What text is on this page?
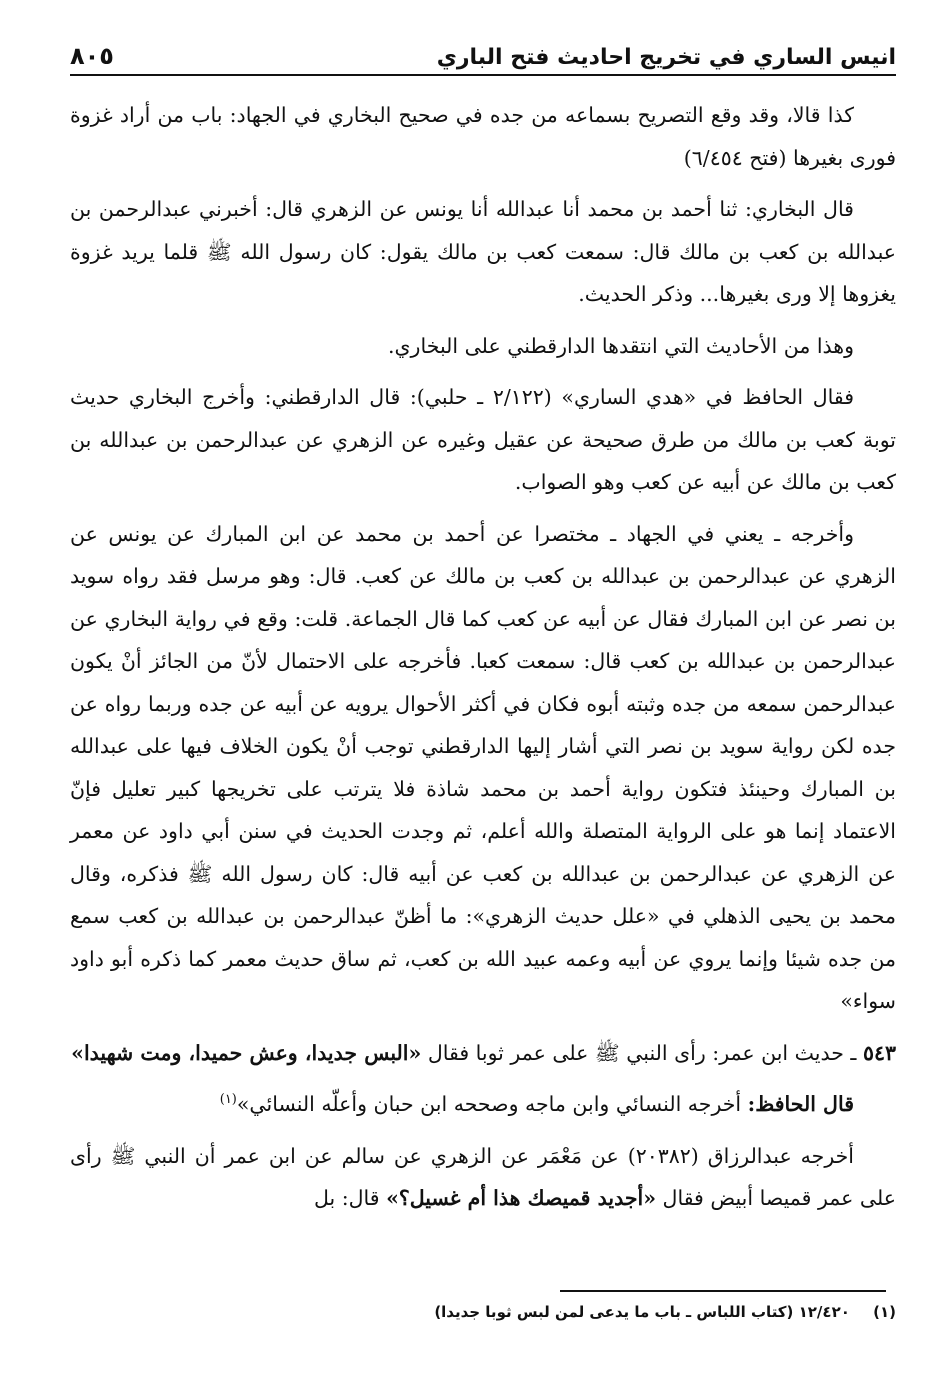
انيس الساري في تخريج احاديث فتح الباري
٨٠٥

كذا قالا، وقد وقع التصريح بسماعه من جده في صحيح البخاري في الجهاد: باب من أراد غزوة فورى بغيرها (فتح ٦/٤٥٤)

قال البخاري: ثنا أحمد بن محمد أنا عبدالله أنا يونس عن الزهري قال: أخبرني عبدالرحمن بن عبدالله بن كعب بن مالك قال: سمعت كعب بن مالك يقول: كان رسول الله ﷺ قلما يريد غزوة يغزوها إلا ورى بغيرها... وذكر الحديث.

وهذا من الأحاديث التي انتقدها الدارقطني على البخاري.

فقال الحافظ في «هدي الساري» (٢/١٢٢ ـ حلبي): قال الدارقطني: وأخرج البخاري حديث توبة كعب بن مالك من طرق صحيحة عن عقيل وغيره عن الزهري عن عبدالرحمن بن عبدالله بن كعب بن مالك عن أبيه عن كعب وهو الصواب.

وأخرجه ـ يعني في الجهاد ـ مختصرا عن أحمد بن محمد عن ابن المبارك عن يونس عن الزهري عن عبدالرحمن بن عبدالله بن كعب بن مالك عن كعب. قال: وهو مرسل فقد رواه سويد بن نصر عن ابن المبارك فقال عن أبيه عن كعب كما قال الجماعة. قلت: وقع في رواية البخاري عن عبدالرحمن بن عبدالله بن كعب قال: سمعت كعبا. فأخرجه على الاحتمال لأنّ من الجائز أنْ يكون عبدالرحمن سمعه من جده وثبته أبوه فكان في أكثر الأحوال يرويه عن أبيه عن جده وربما رواه عن جده لكن رواية سويد بن نصر التي أشار إليها الدارقطني توجب أنْ يكون الخلاف فيها على عبدالله بن المبارك وحينئذ فتكون رواية أحمد بن محمد شاذة فلا يترتب على تخريجها كبير تعليل فإنّ الاعتماد إنما هو على الرواية المتصلة والله أعلم، ثم وجدت الحديث في سنن أبي داود عن معمر عن الزهري عن عبدالرحمن بن عبدالله بن كعب عن أبيه قال: كان رسول الله ﷺ فذكره، وقال محمد بن يحيى الذهلي في «علل حديث الزهري»: ما أظنّ عبدالرحمن بن عبدالله بن كعب سمع من جده شيئا وإنما يروي عن أبيه وعمه عبيد الله بن كعب، ثم ساق حديث معمر كما ذكره أبو داود سواء»

٥٤٣ ـ حديث ابن عمر: رأى النبي ﷺ على عمر ثوبا فقال «البس جديدا، وعش حميدا، ومت شهيدا»

قال الحافظ: أخرجه النسائي وابن ماجه وصححه ابن حبان وأعلّه النسائي»$^{(١)}$

أخرجه عبدالرزاق (٢٠٣٨٢) عن مَعْمَر عن الزهري عن سالم عن ابن عمر أن النبي ﷺ رأى على عمر قميصا أبيض فقال «أجديد قميصك هذا أم غسيل؟» قال: بل

(١) ١٢/٤٢٠ (كتاب اللباس ـ باب ما يدعى لمن لبس ثوبا جديدا)
